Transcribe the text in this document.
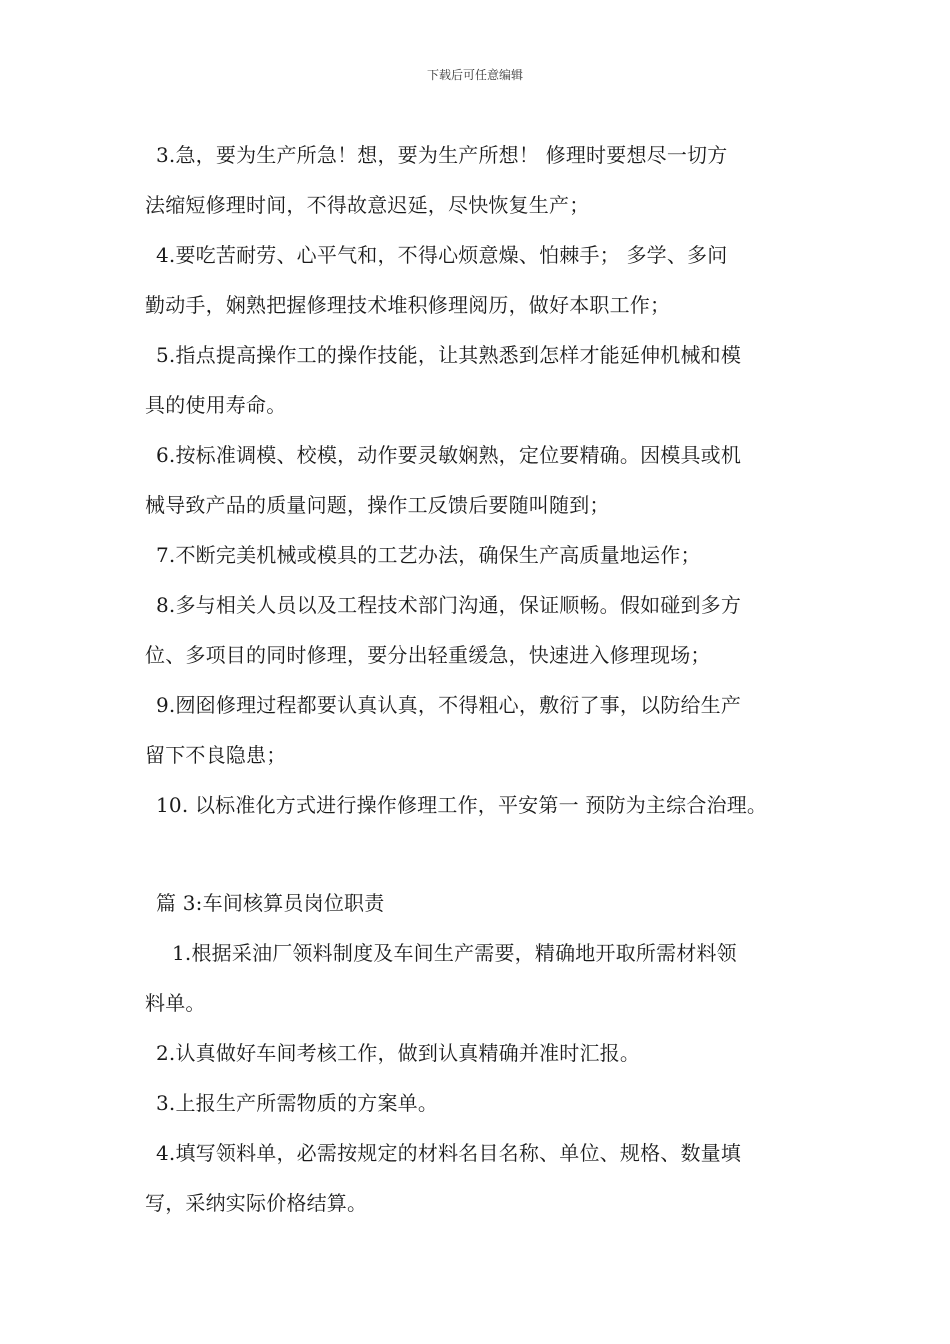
下载后可任意编辑
3.急，要为生产所急！想，要为生产所想！ 修理时要想尽一切方
法缩短修理时间，不得故意迟延，尽快恢复生产；
4.要吃苦耐劳、心平气和，不得心烦意燥、怕棘手； 多学、多问
勤动手，娴熟把握修理技术堆积修理阅历，做好本职工作；
5.指点提高操作工的操作技能，让其熟悉到怎样才能延伸机械和模
具的使用寿命。
6.按标准调模、校模，动作要灵敏娴熟，定位要精确。因模具或机
械导致产品的质量问题，操作工反馈后要随叫随到；
7.不断完美机械或模具的工艺办法，确保生产高质量地运作；
8.多与相关人员以及工程技术部门沟通，保证顺畅。假如碰到多方
位、多项目的同时修理，要分出轻重缓急，快速进入修理现场；
9.囫囵修理过程都要认真认真，不得粗心，敷衍了事，以防给生产
留下不良隐患；
10. 以标准化方式进行操作修理工作，平安第一 预防为主综合治理。
篇 3:车间核算员岗位职责
1.根据采油厂领料制度及车间生产需要，精确地开取所需材料领
料单。
2.认真做好车间考核工作，做到认真精确并准时汇报。
3.上报生产所需物质的方案单。
4.填写领料单，必需按规定的材料名目名称、单位、规格、数量填
写，采纳实际价格结算。
